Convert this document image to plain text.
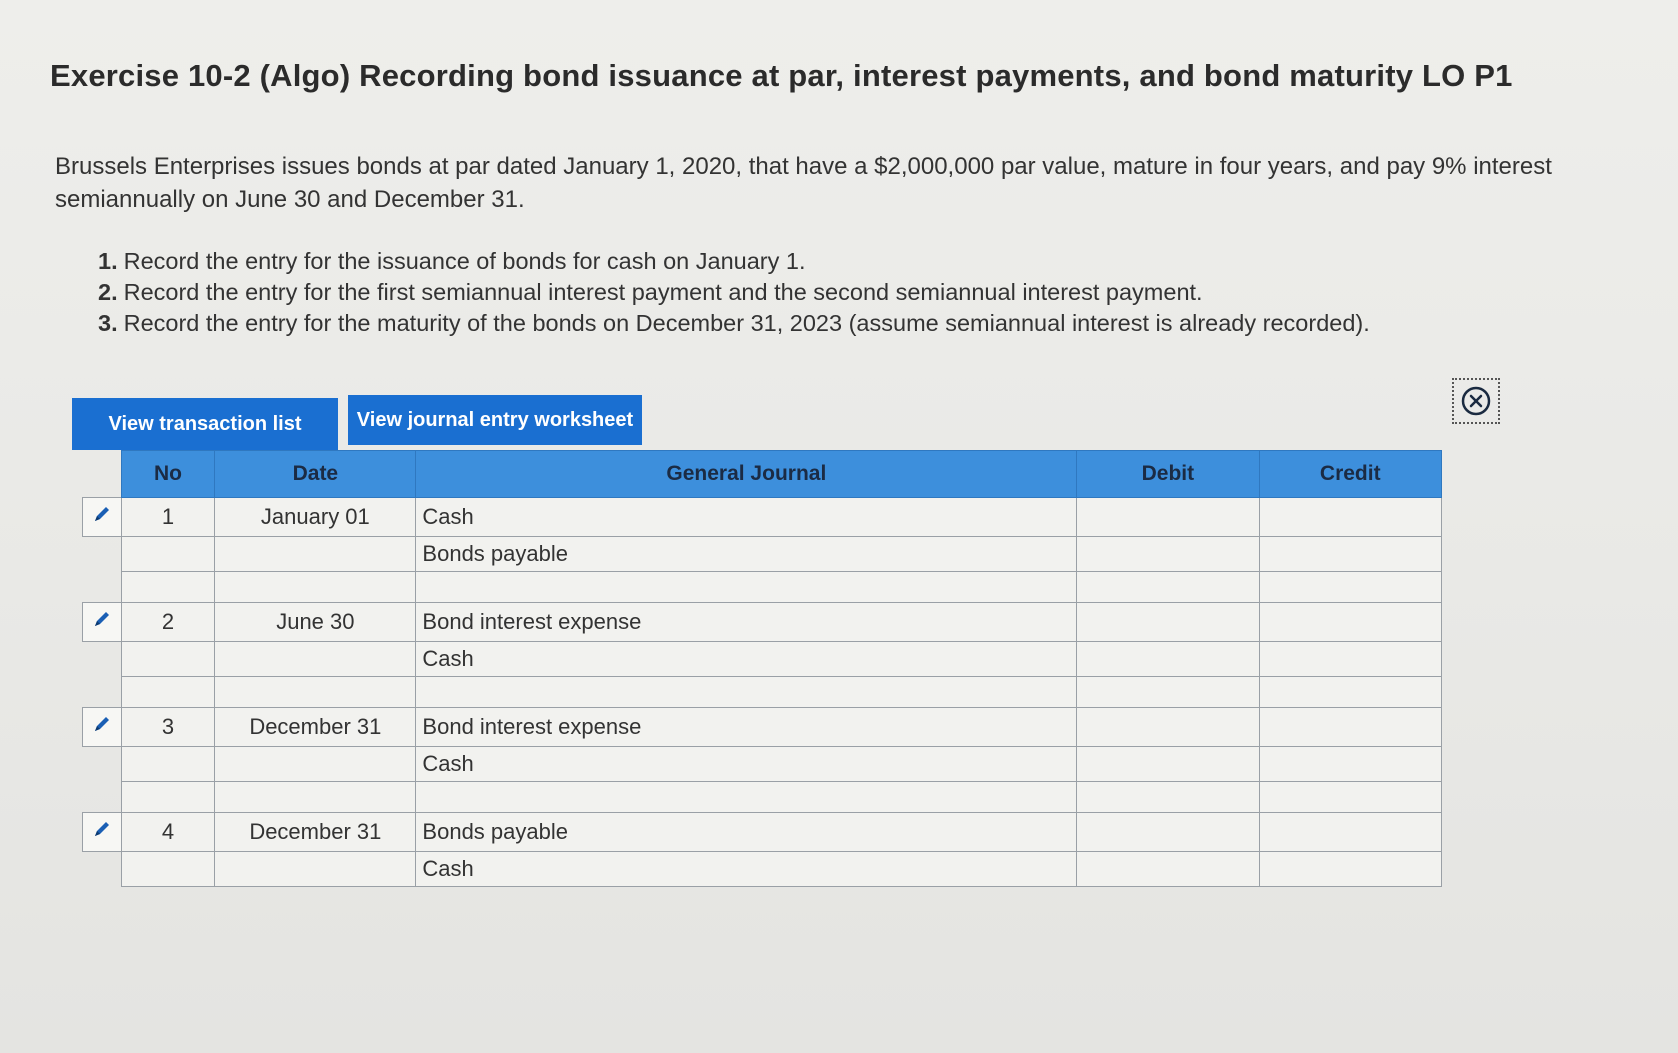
Exercise 10-2 (Algo) Recording bond issuance at par, interest payments, and bond maturity LO P1
Brussels Enterprises issues bonds at par dated January 1, 2020, that have a $2,000,000 par value, mature in four years, and pay 9% interest semiannually on June 30 and December 31.
1. Record the entry for the issuance of bonds for cash on January 1.
2. Record the entry for the first semiannual interest payment and the second semiannual interest payment.
3. Record the entry for the maturity of the bonds on December 31, 2023 (assume semiannual interest is already recorded).
View transaction list	View journal entry worksheet
	No	Date	General Journal	Debit	Credit
	1	January 01	Cash		
			Bonds payable		

	2	June 30	Bond interest expense		
			Cash		

	3	December 31	Bond interest expense		
			Cash		

	4	December 31	Bonds payable		
			Cash		
